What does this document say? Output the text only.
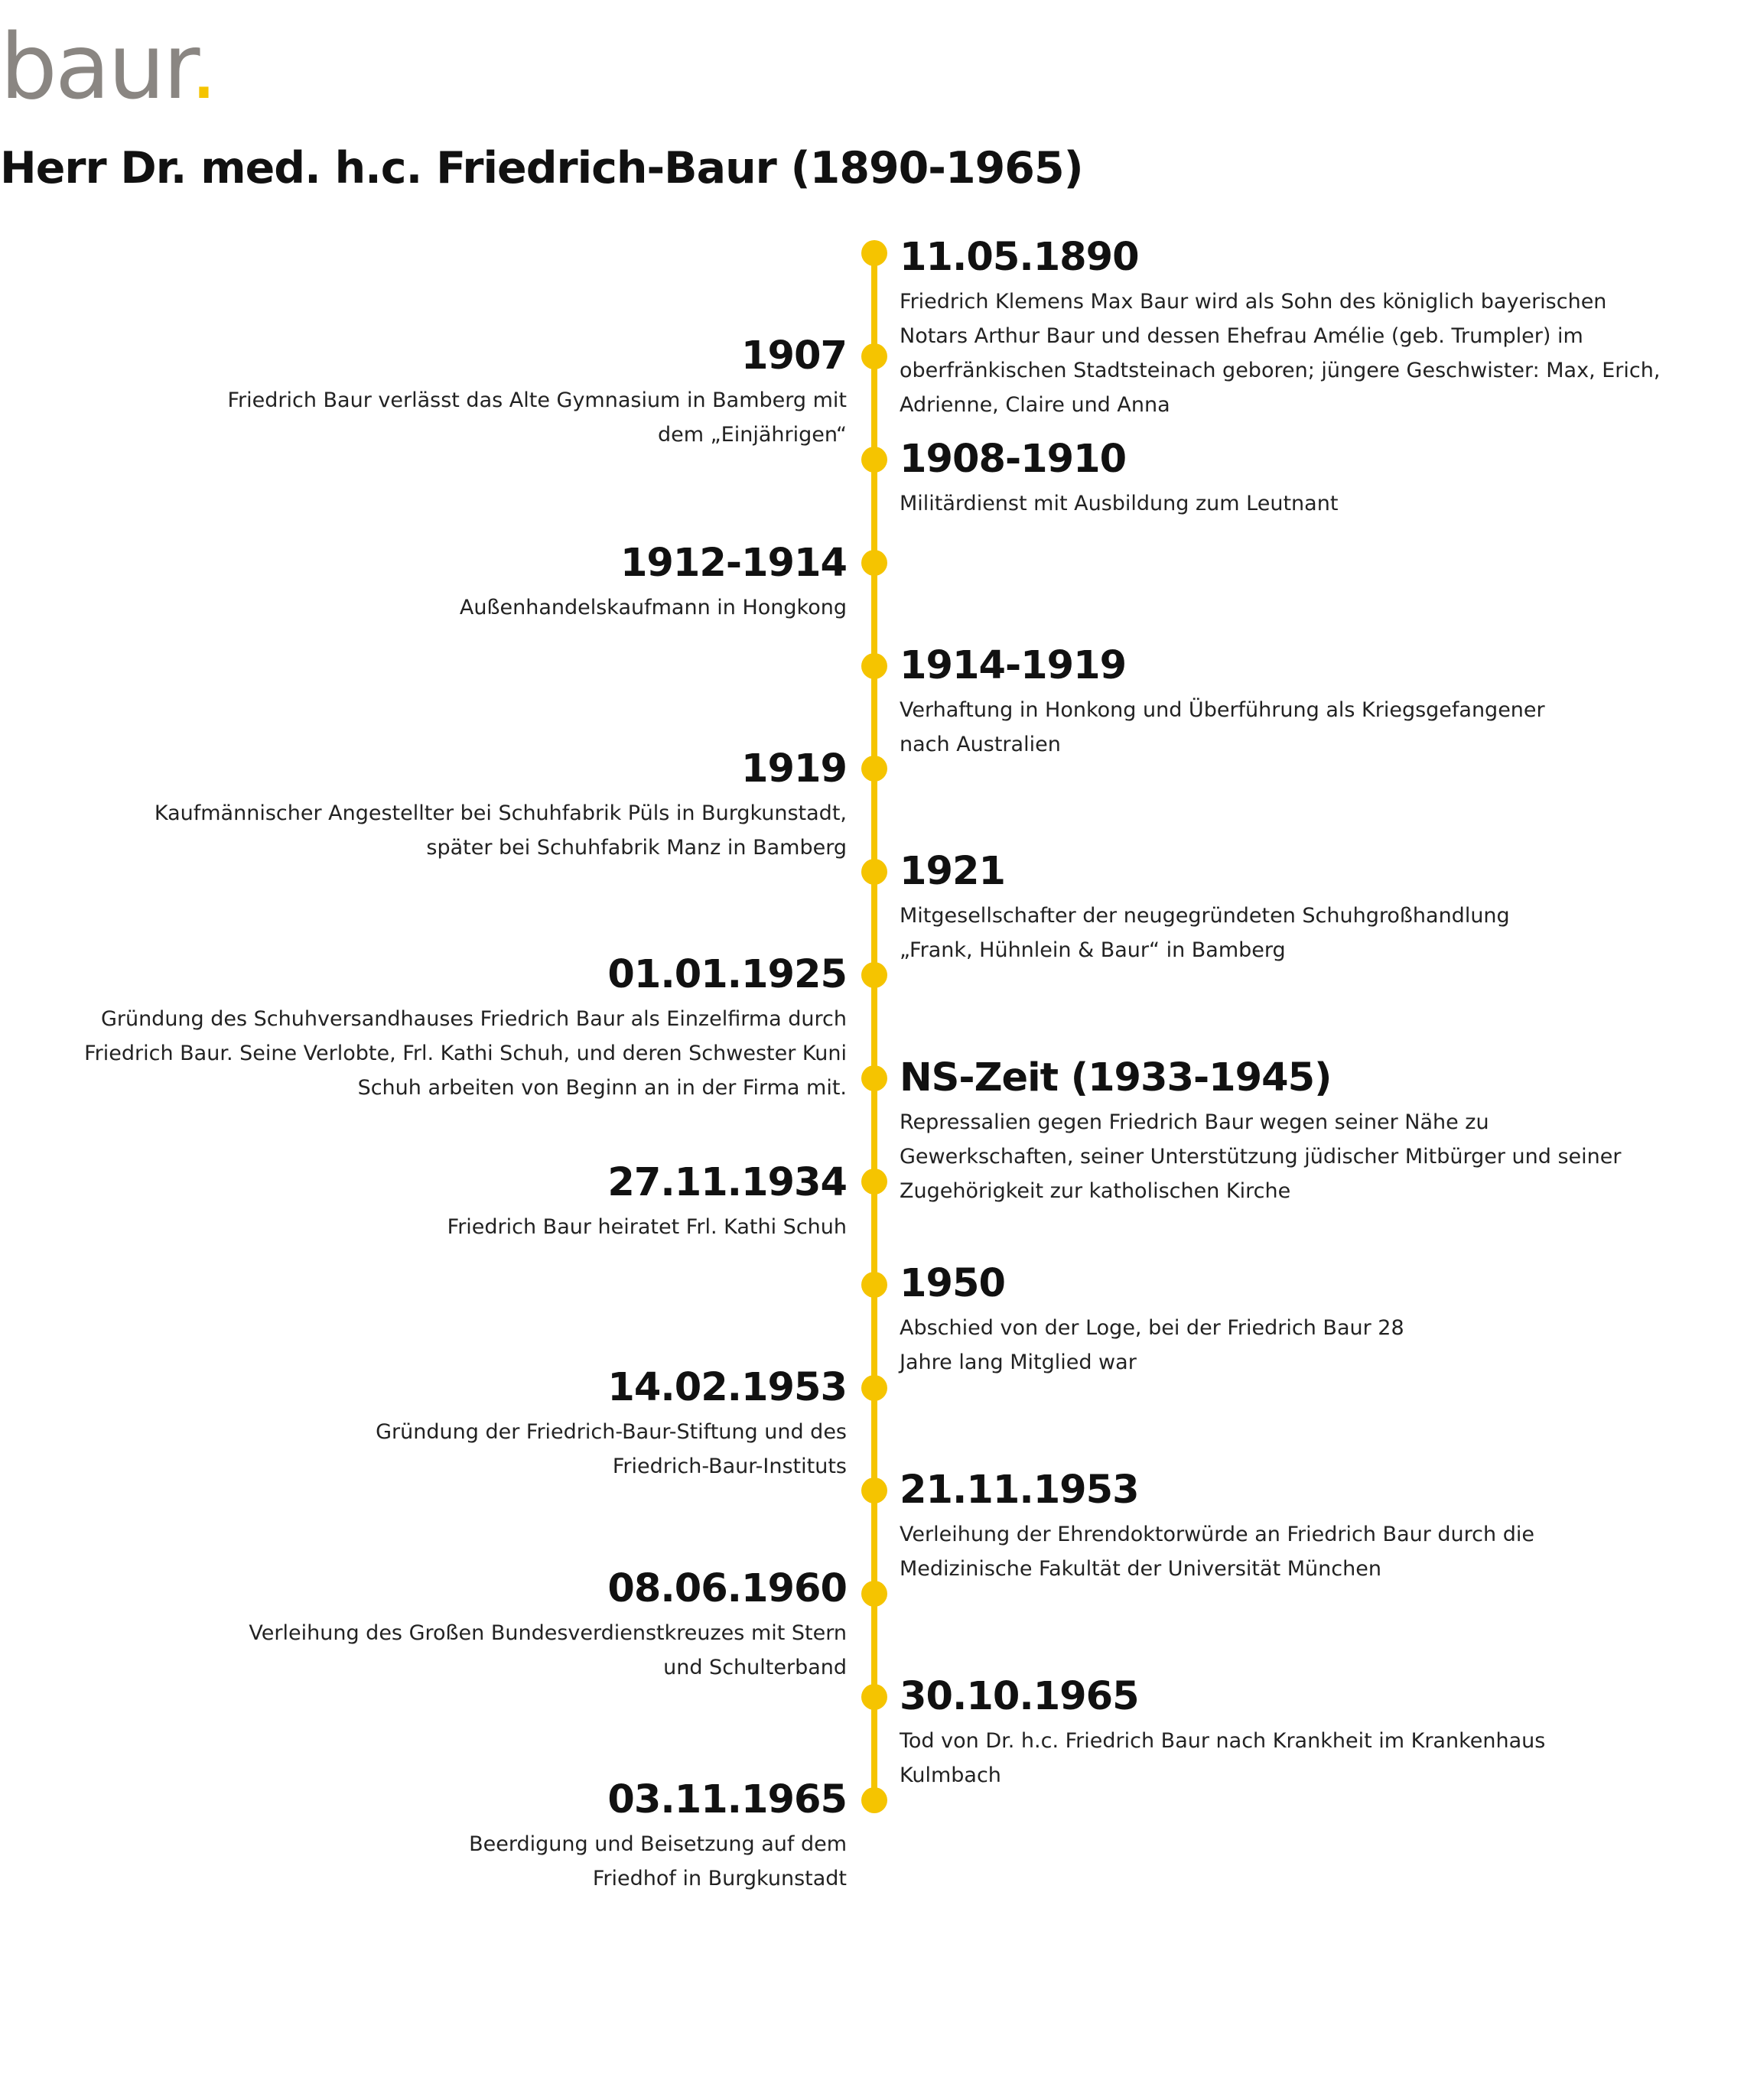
baur.
Herr Dr. med. h.c. Friedrich-Baur (1890-1965)
11.05.1890
Friedrich Klemens Max Baur wird als Sohn des königlich bayerischen Notars Arthur Baur und dessen Ehefrau Amélie (geb. Trumpler) im oberfränkischen Stadtsteinach geboren; jüngere Geschwister: Max, Erich, Adrienne, Claire und Anna
1907
Friedrich Baur verlässt das Alte Gymnasium in Bamberg mit dem „Einjährigen“
1908-1910
Militärdienst mit Ausbildung zum Leutnant
1912-1914
Außenhandelskaufmann in Hongkong
1914-1919
Verhaftung in Honkong und Überführung als Kriegsgefangener nach Australien
1919
Kaufmännischer Angestellter bei Schuhfabrik Püls in Burgkunstadt, später bei Schuhfabrik Manz in Bamberg
1921
Mitgesellschafter der neugegründeten Schuhgroßhandlung „Frank, Hühnlein & Baur“ in Bamberg
01.01.1925
Gründung des Schuhversandhauses Friedrich Baur als Einzelfirma durch Friedrich Baur. Seine Verlobte, Frl. Kathi Schuh, und deren Schwester Kuni Schuh arbeiten von Beginn an in der Firma mit. NS-Zeit (1933-1945)
Repressalien gegen Friedrich Baur wegen seiner Nähe zu Gewerkschaften, seiner Unterstützung jüdischer Mitbürger und seiner Zugehörigkeit zur katholischen Kirche
27.11.1934
Friedrich Baur heiratet Frl. Kathi Schuh
1950
Abschied von der Loge, bei der Friedrich Baur 28 Jahre lang Mitglied war
14.02.1953
Gründung der Friedrich-Baur-Stiftung und des Friedrich-Baur-Instituts
21.11.1953
Verleihung der Ehrendoktorwürde an Friedrich Baur durch die Medizinische Fakultät der Universität München
08.06.1960
Verleihung des Großen Bundesverdienstkreuzes mit Stern und Schulterband
30.10.1965
Tod von Dr. h.c. Friedrich Baur nach Krankheit im Krankenhaus Kulmbach
03.11.1965
Beerdigung und Beisetzung auf dem Friedhof in Burgkunstadt
